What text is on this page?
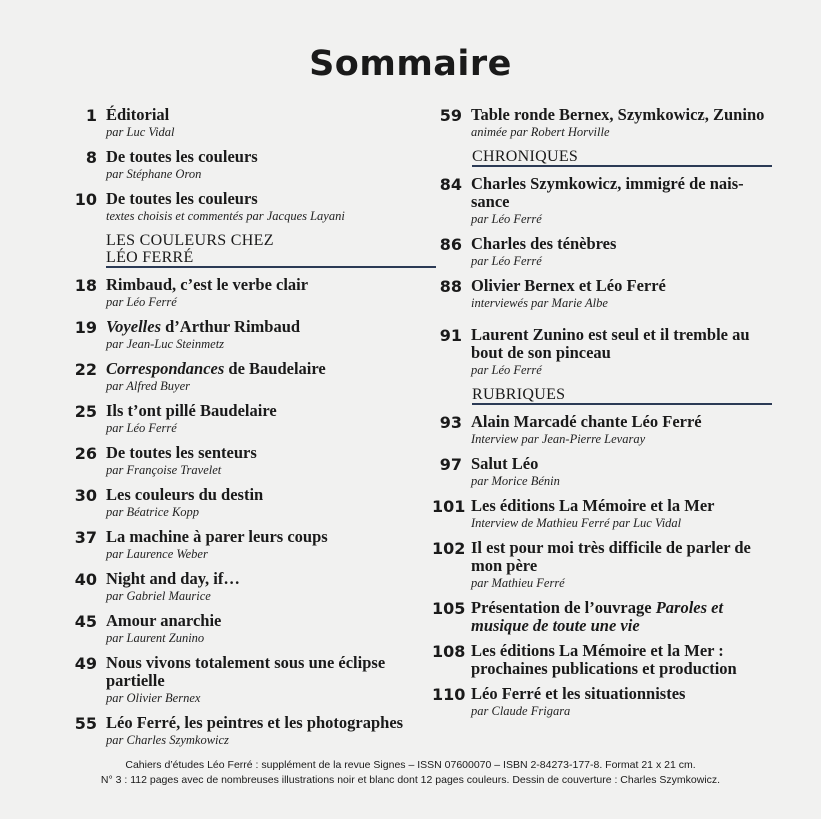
Sommaire
1 Éditorial
par Luc Vidal
8 De toutes les couleurs
par Stéphane Oron
10 De toutes les couleurs
textes choisis et commentés par Jacques Layani
LES COULEURS CHEZ
LÉO FERRÉ
18 Rimbaud, c’est le verbe clair
par Léo Ferré
19 Voyelles d’Arthur Rimbaud
par Jean-Luc Steinmetz
22 Correspondances de Baudelaire
par Alfred Buyer
25 Ils t’ont pillé Baudelaire
par Léo Ferré
26 De toutes les senteurs
par Françoise Travelet
30 Les couleurs du destin
par Béatrice Kopp
37 La machine à parer leurs coups
par Laurence Weber
40 Night and day, if…
par Gabriel Maurice
45 Amour anarchie
par Laurent Zunino
49 Nous vivons totalement sous une éclipse partielle
par Olivier Bernex
55 Léo Ferré, les peintres et les photographes
par Charles Szymkowicz
59 Table ronde Bernex, Szymkowicz, Zunino
animée par Robert Horville
CHRONIQUES
84 Charles Szymkowicz, immigré de nais-sance
par Léo Ferré
86 Charles des ténèbres
par Léo Ferré
88 Olivier Bernex et Léo Ferré
interviewés par Marie Albe
91 Laurent Zunino est seul et il tremble au bout de son pinceau
par Léo Ferré
RUBRIQUES
93 Alain Marcadé chante Léo Ferré
Interview par Jean-Pierre Levaray
97 Salut Léo
par Morice Bénin
101 Les éditions La Mémoire et la Mer
Interview de Mathieu Ferré par Luc Vidal
102 Il est pour moi très difficile de parler de mon père
par Mathieu Ferré
105 Présentation de l’ouvrage Paroles et musique de toute une vie
108 Les éditions La Mémoire et la Mer : prochaines publications et production
110 Léo Ferré et les situationnistes
par Claude Frigara
Cahiers d’études Léo Ferré : supplément de la revue Signes – ISSN 07600070 – ISBN 2-84273-177-8. Format 21 x 21 cm.
N° 3 : 112 pages avec de nombreuses illustrations noir et blanc dont 12 pages couleurs. Dessin de couverture : Charles Szymkowicz.
